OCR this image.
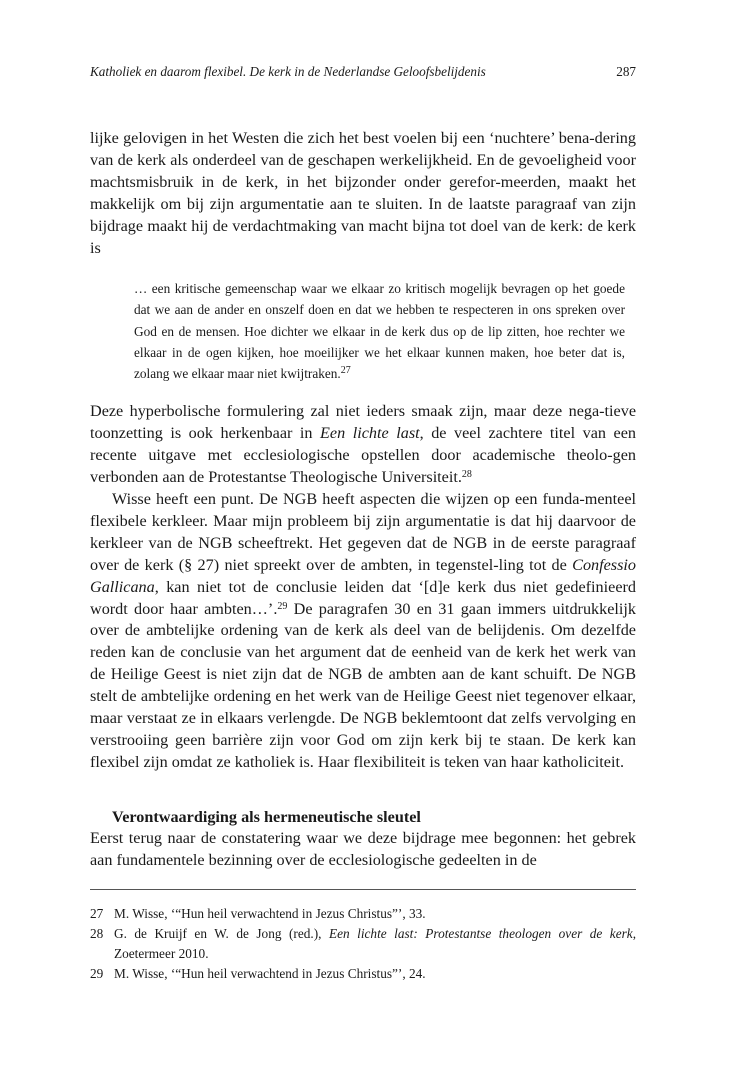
Katholiek en daarom flexibel. De kerk in de Nederlandse Geloofsbelijdenis	287

lijke gelovigen in het Westen die zich het best voelen bij een ‘nuchtere’ bena-dering van de kerk als onderdeel van de geschapen werkelijkheid. En de gevoeligheid voor machtsmisbruik in de kerk, in het bijzonder onder gerefor-meerden, maakt het makkelijk om bij zijn argumentatie aan te sluiten. In de laatste paragraaf van zijn bijdrage maakt hij de verdachtmaking van macht bijna tot doel van de kerk: de kerk is

… een kritische gemeenschap waar we elkaar zo kritisch mogelijk bevragen op het goede dat we aan de ander en onszelf doen en dat we hebben te respecteren in ons spreken over God en de mensen. Hoe dichter we elkaar in de kerk dus op de lip zitten, hoe rechter we elkaar in de ogen kijken, hoe moeilijker we het elkaar kunnen maken, hoe beter dat is, zolang we elkaar maar niet kwijtraken.$^{27}$

Deze hyperbolische formulering zal niet ieders smaak zijn, maar deze nega-tieve toonzetting is ook herkenbaar in Een lichte last, de veel zachtere titel van een recente uitgave met ecclesiologische opstellen door academische theolo-gen verbonden aan de Protestantse Theologische Universiteit.$^{28}$

Wisse heeft een punt. De NGB heeft aspecten die wijzen op een funda-menteel flexibele kerkleer. Maar mijn probleem bij zijn argumentatie is dat hij daarvoor de kerkleer van de NGB scheeftrekt. Het gegeven dat de NGB in de eerste paragraaf over de kerk (§ 27) niet spreekt over de ambten, in tegenstel-ling tot de Confessio Gallicana, kan niet tot de conclusie leiden dat ‘[d]e kerk dus niet gedefinieerd wordt door haar ambten…’.$^{29}$ De paragrafen 30 en 31 gaan immers uitdrukkelijk over de ambtelijke ordening van de kerk als deel van de belijdenis. Om dezelfde reden kan de conclusie van het argument dat de eenheid van de kerk het werk van de Heilige Geest is niet zijn dat de NGB de ambten aan de kant schuift. De NGB stelt de ambtelijke ordening en het werk van de Heilige Geest niet tegenover elkaar, maar verstaat ze in elkaars verlengde. De NGB beklemtoont dat zelfs vervolging en verstrooiing geen barrière zijn voor God om zijn kerk bij te staan. De kerk kan flexibel zijn omdat ze katholiek is. Haar flexibiliteit is teken van haar katholiciteit.

Verontwaardiging als hermeneutische sleutel

Eerst terug naar de constatering waar we deze bijdrage mee begonnen: het gebrek aan fundamentele bezinning over de ecclesiologische gedeelten in de

27 M. Wisse, ‘“Hun heil verwachtend in Jezus Christus”’, 33.
28 G. de Kruijf en W. de Jong (red.), Een lichte last: Protestantse theologen over de kerk, Zoetermeer 2010.
29 M. Wisse, ‘“Hun heil verwachtend in Jezus Christus”’, 24.
